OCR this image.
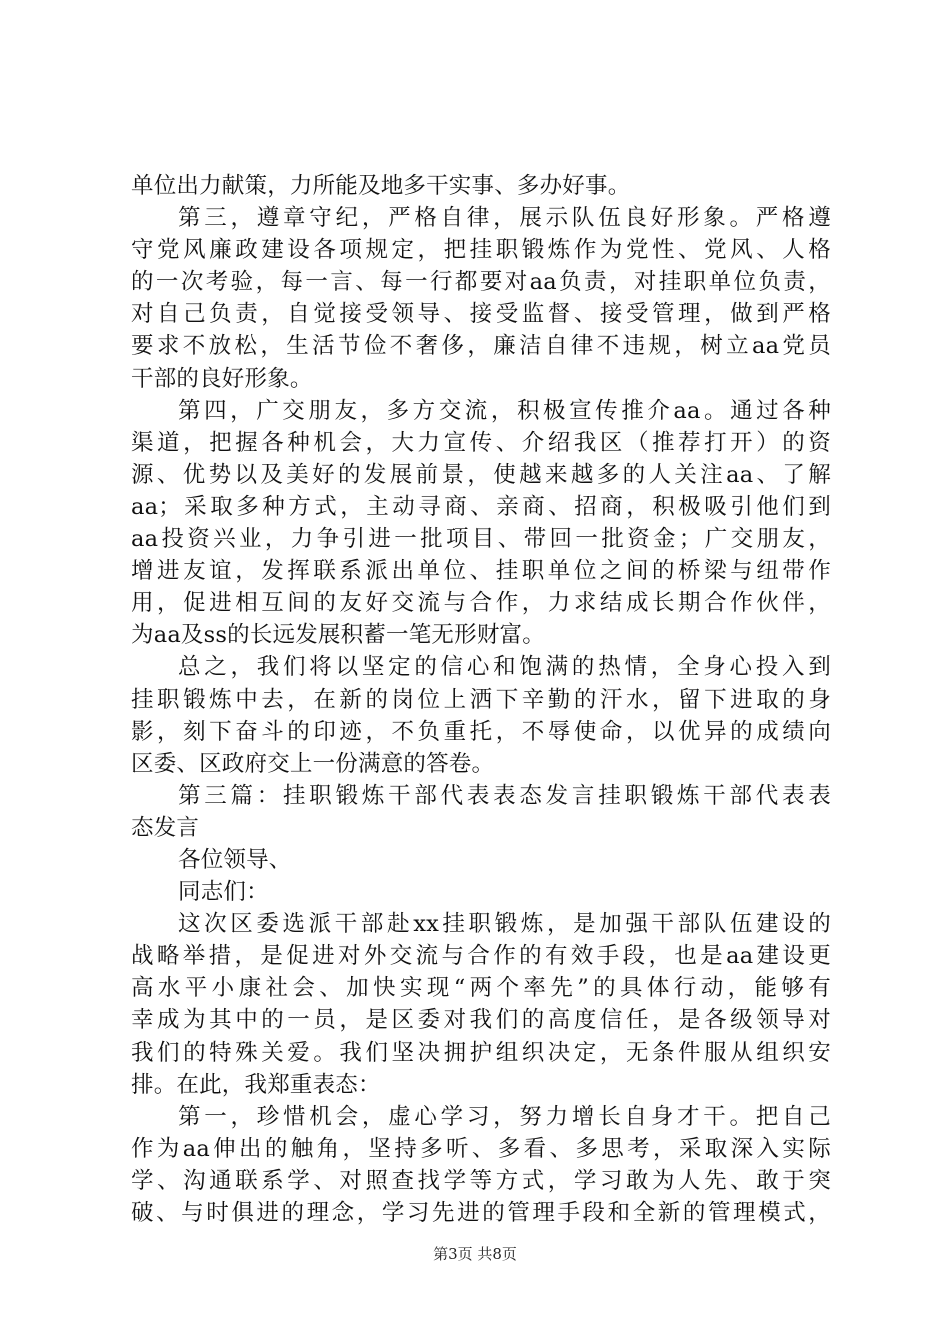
单位出力献策，力所能及地多干实事、多办好事。
第三，遵章守纪，严格自律，展示队伍良好形象。严格遵
守党风廉政建设各项规定，把挂职锻炼作为党性、党风、人格
的一次考验，每一言、每一行都要对aa负责，对挂职单位负责，
对自己负责，自觉接受领导、接受监督、接受管理，做到严格
要求不放松，生活节俭不奢侈，廉洁自律不违规，树立aa党员
干部的良好形象。
第四，广交朋友，多方交流，积极宣传推介aa。通过各种
渠道，把握各种机会，大力宣传、介绍我区（推荐打开）的资
源、优势以及美好的发展前景，使越来越多的人关注aa、了解
aa；采取多种方式，主动寻商、亲商、招商，积极吸引他们到
aa投资兴业，力争引进一批项目、带回一批资金；广交朋友，
增进友谊，发挥联系派出单位、挂职单位之间的桥梁与纽带作
用，促进相互间的友好交流与合作，力求结成长期合作伙伴，
为aa及ss的长远发展积蓄一笔无形财富。
总之，我们将以坚定的信心和饱满的热情，全身心投入到
挂职锻炼中去，在新的岗位上洒下辛勤的汗水，留下进取的身
影，刻下奋斗的印迹，不负重托，不辱使命，以优异的成绩向
区委、区政府交上一份满意的答卷。
第三篇：挂职锻炼干部代表表态发言挂职锻炼干部代表表
态发言
各位领导、
同志们：
这次区委选派干部赴xx挂职锻炼，是加强干部队伍建设的
战略举措，是促进对外交流与合作的有效手段，也是aa建设更
高水平小康社会、加快实现“两个率先”的具体行动，能够有
幸成为其中的一员，是区委对我们的高度信任，是各级领导对
我们的特殊关爱。我们坚决拥护组织决定，无条件服从组织安
排。在此，我郑重表态：
第一，珍惜机会，虚心学习，努力增长自身才干。把自己
作为aa伸出的触角，坚持多听、多看、多思考，采取深入实际
学、沟通联系学、对照查找学等方式，学习敢为人先、敢于突
破、与时俱进的理念，学习先进的管理手段和全新的管理模式，
第3页 共8页
